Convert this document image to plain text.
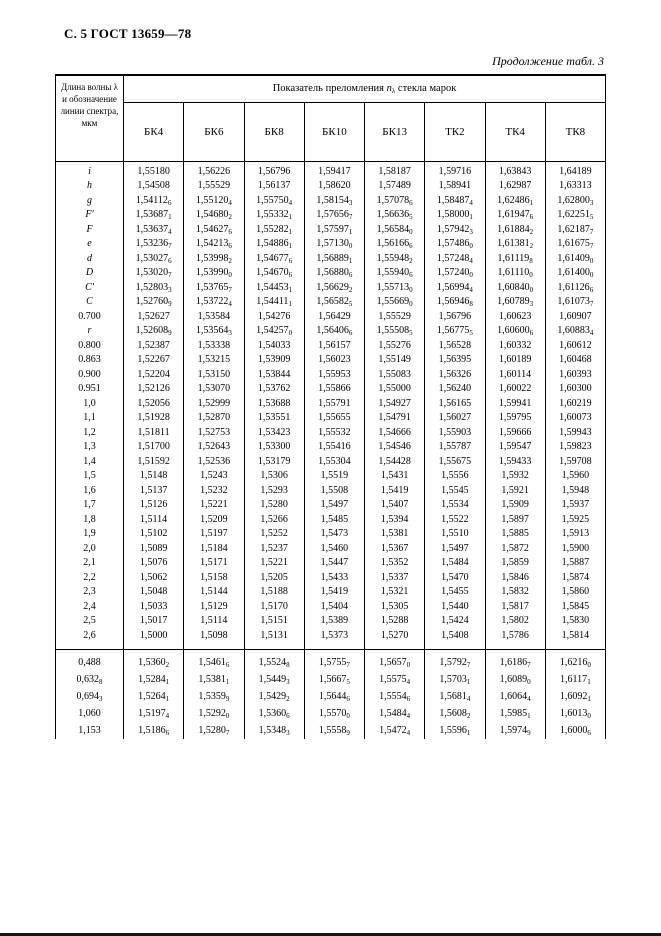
С. 5 ГОСТ 13659—78
Продолжение табл. 3
Длина волны λ и обозначение линии спектра, мкм	Показатель преломления $n_\lambda$ стекла марок							
	БК4	БК6	БК8	БК10	БК13	ТК2	ТК4	ТК8
i	1,55180	1,56226	1,56796	1,59417	1,58187	1,59716	1,63843	1,64189
h	1,54508	1,55529	1,56137	1,58620	1,57489	1,58941	1,62987	1,63313
g	$1,54112_6$	$1,55120_4$	$1,55750_4$	$1,58154_3$	$1,57078_6$	$1,58487_4$	$1,62486_1$	$1,62800_3$
F′	$1,53687_1$	$1,54680_2$	$1,55332_1$	$1,57656_7$	$1,56636_5$	$1,58000_1$	$1,61947_6$	$1,62251_5$
F	$1,53637_4$	$1,54627_6$	$1,55282_1$	$1,57597_1$	$1,56584_0$	$1,57942_3$	$1,61884_2$	$1,62187_7$
e	$1,53236_7$	$1,54213_6$	$1,54886_1$	$1,57130_0$	$1,56166_6$	$1,57486_0$	$1,61381_2$	$1,61675_7$
d	$1,53027_6$	$1,53998_2$	$1,54677_6$	$1,56889_1$	$1,55948_2$	$1,57248_4$	$1,61119_8$	$1,61409_0$
D	$1,53020_7$	$1,53990_0$	$1,54670_6$	$1,56880_6$	$1,55940_6$	$1,57240_0$	$1,61110_0$	$1,61400_0$
C′	$1,52803_3$	$1,53765_7$	$1,54453_1$	$1,56629_2$	$1,55713_0$	$1,56994_4$	$1,60840_0$	$1,61126_6$
C	$1,52760_9$	$1,53722_4$	$1,54411_1$	$1,56582_5$	$1,55669_0$	$1,56946_8$	$1,60789_3$	$1,61073_7$
0.700	1,52627	1,53584	1,54276	1,56429	1,55529	1,56796	1,60623	1,60907
r	$1,52608_9$	$1,53564_3$	$1,54257_0$	$1,56406_6$	$1,55508_5$	$1,56775_5$	$1,60600_6$	$1,60883_4$
0.800	1,52387	1,53338	1,54033	1,56157	1,55276	1,56528	1,60332	1,60612
0.863	1,52267	1,53215	1,53909	1,56023	1,55149	1,56395	1,60189	1,60468
0.900	1,52204	1,53150	1,53844	1,55953	1,55083	1,56326	1,60114	1,60393
0.951	1,52126	1,53070	1,53762	1,55866	1,55000	1,56240	1,60022	1,60300
1,0	1,52056	1,52999	1,53688	1,55791	1,54927	1,56165	1,59941	1,60219
1,1	1,51928	1,52870	1,53551	1,55655	1,54791	1,56027	1,59795	1,60073
1,2	1,51811	1,52753	1,53423	1,55532	1,54666	1,55903	1,59666	1,59943
1,3	1,51700	1,52643	1,53300	1,55416	1,54546	1,55787	1,59547	1,59823
1,4	1,51592	1,52536	1,53179	1,55304	1,54428	1,55675	1,59433	1,59708
1,5	1,5148	1,5243	1,5306	1,5519	1,5431	1,5556	1,5932	1,5960
1,6	1,5137	1,5232	1,5293	1,5508	1,5419	1,5545	1,5921	1,5948
1,7	1,5126	1,5221	1,5280	1,5497	1,5407	1,5534	1,5909	1,5937
1,8	1,5114	1,5209	1,5266	1,5485	1,5394	1,5522	1,5897	1,5925
1,9	1,5102	1,5197	1,5252	1,5473	1,5381	1,5510	1,5885	1,5913
2,0	1,5089	1,5184	1,5237	1,5460	1,5367	1,5497	1,5872	1,5900
2,1	1,5076	1,5171	1,5221	1,5447	1,5352	1,5484	1,5859	1,5887
2,2	1,5062	1,5158	1,5205	1,5433	1,5337	1,5470	1,5846	1,5874
2,3	1,5048	1,5144	1,5188	1,5419	1,5321	1,5455	1,5832	1,5860
2,4	1,5033	1,5129	1,5170	1,5404	1,5305	1,5440	1,5817	1,5845
2,5	1,5017	1,5114	1,5151	1,5389	1,5288	1,5424	1,5802	1,5830
2,6	1,5000	1,5098	1,5131	1,5373	1,5270	1,5408	1,5786	1,5814
0,488	$1,5360_2$	$1,5461_6$	$1,5524_8$	$1,5755_7$	$1,5657_0$	$1,5792_7$	$1,6186_7$	$1,6216_0$
$0,632_8$	$1,5284_1$	$1,5381_1$	$1,5449_3$	$1,5667_5$	$1,5575_4$	$1,5703_1$	$1,6089_0$	$1,6117_1$
$0,694_3$	$1,5264_1$	$1,5359_9$	$1,5429_2$	$1,5644_6$	$1,5554_6$	$1,5681_4$	$1,6064_4$	$1,6092_1$
1,060	$1,5197_4$	$1,5292_0$	$1,5360_6$	$1,5570_0$	$1,5484_4$	$1,5608_2$	$1,5985_1$	$1,6013_0$
1,153	$1,5186_6$	$1,5280_7$	$1,5348_3$	$1,5558_9$	$1,5472_4$	$1,5596_1$	$1,5974_9$	$1,6000_6$
